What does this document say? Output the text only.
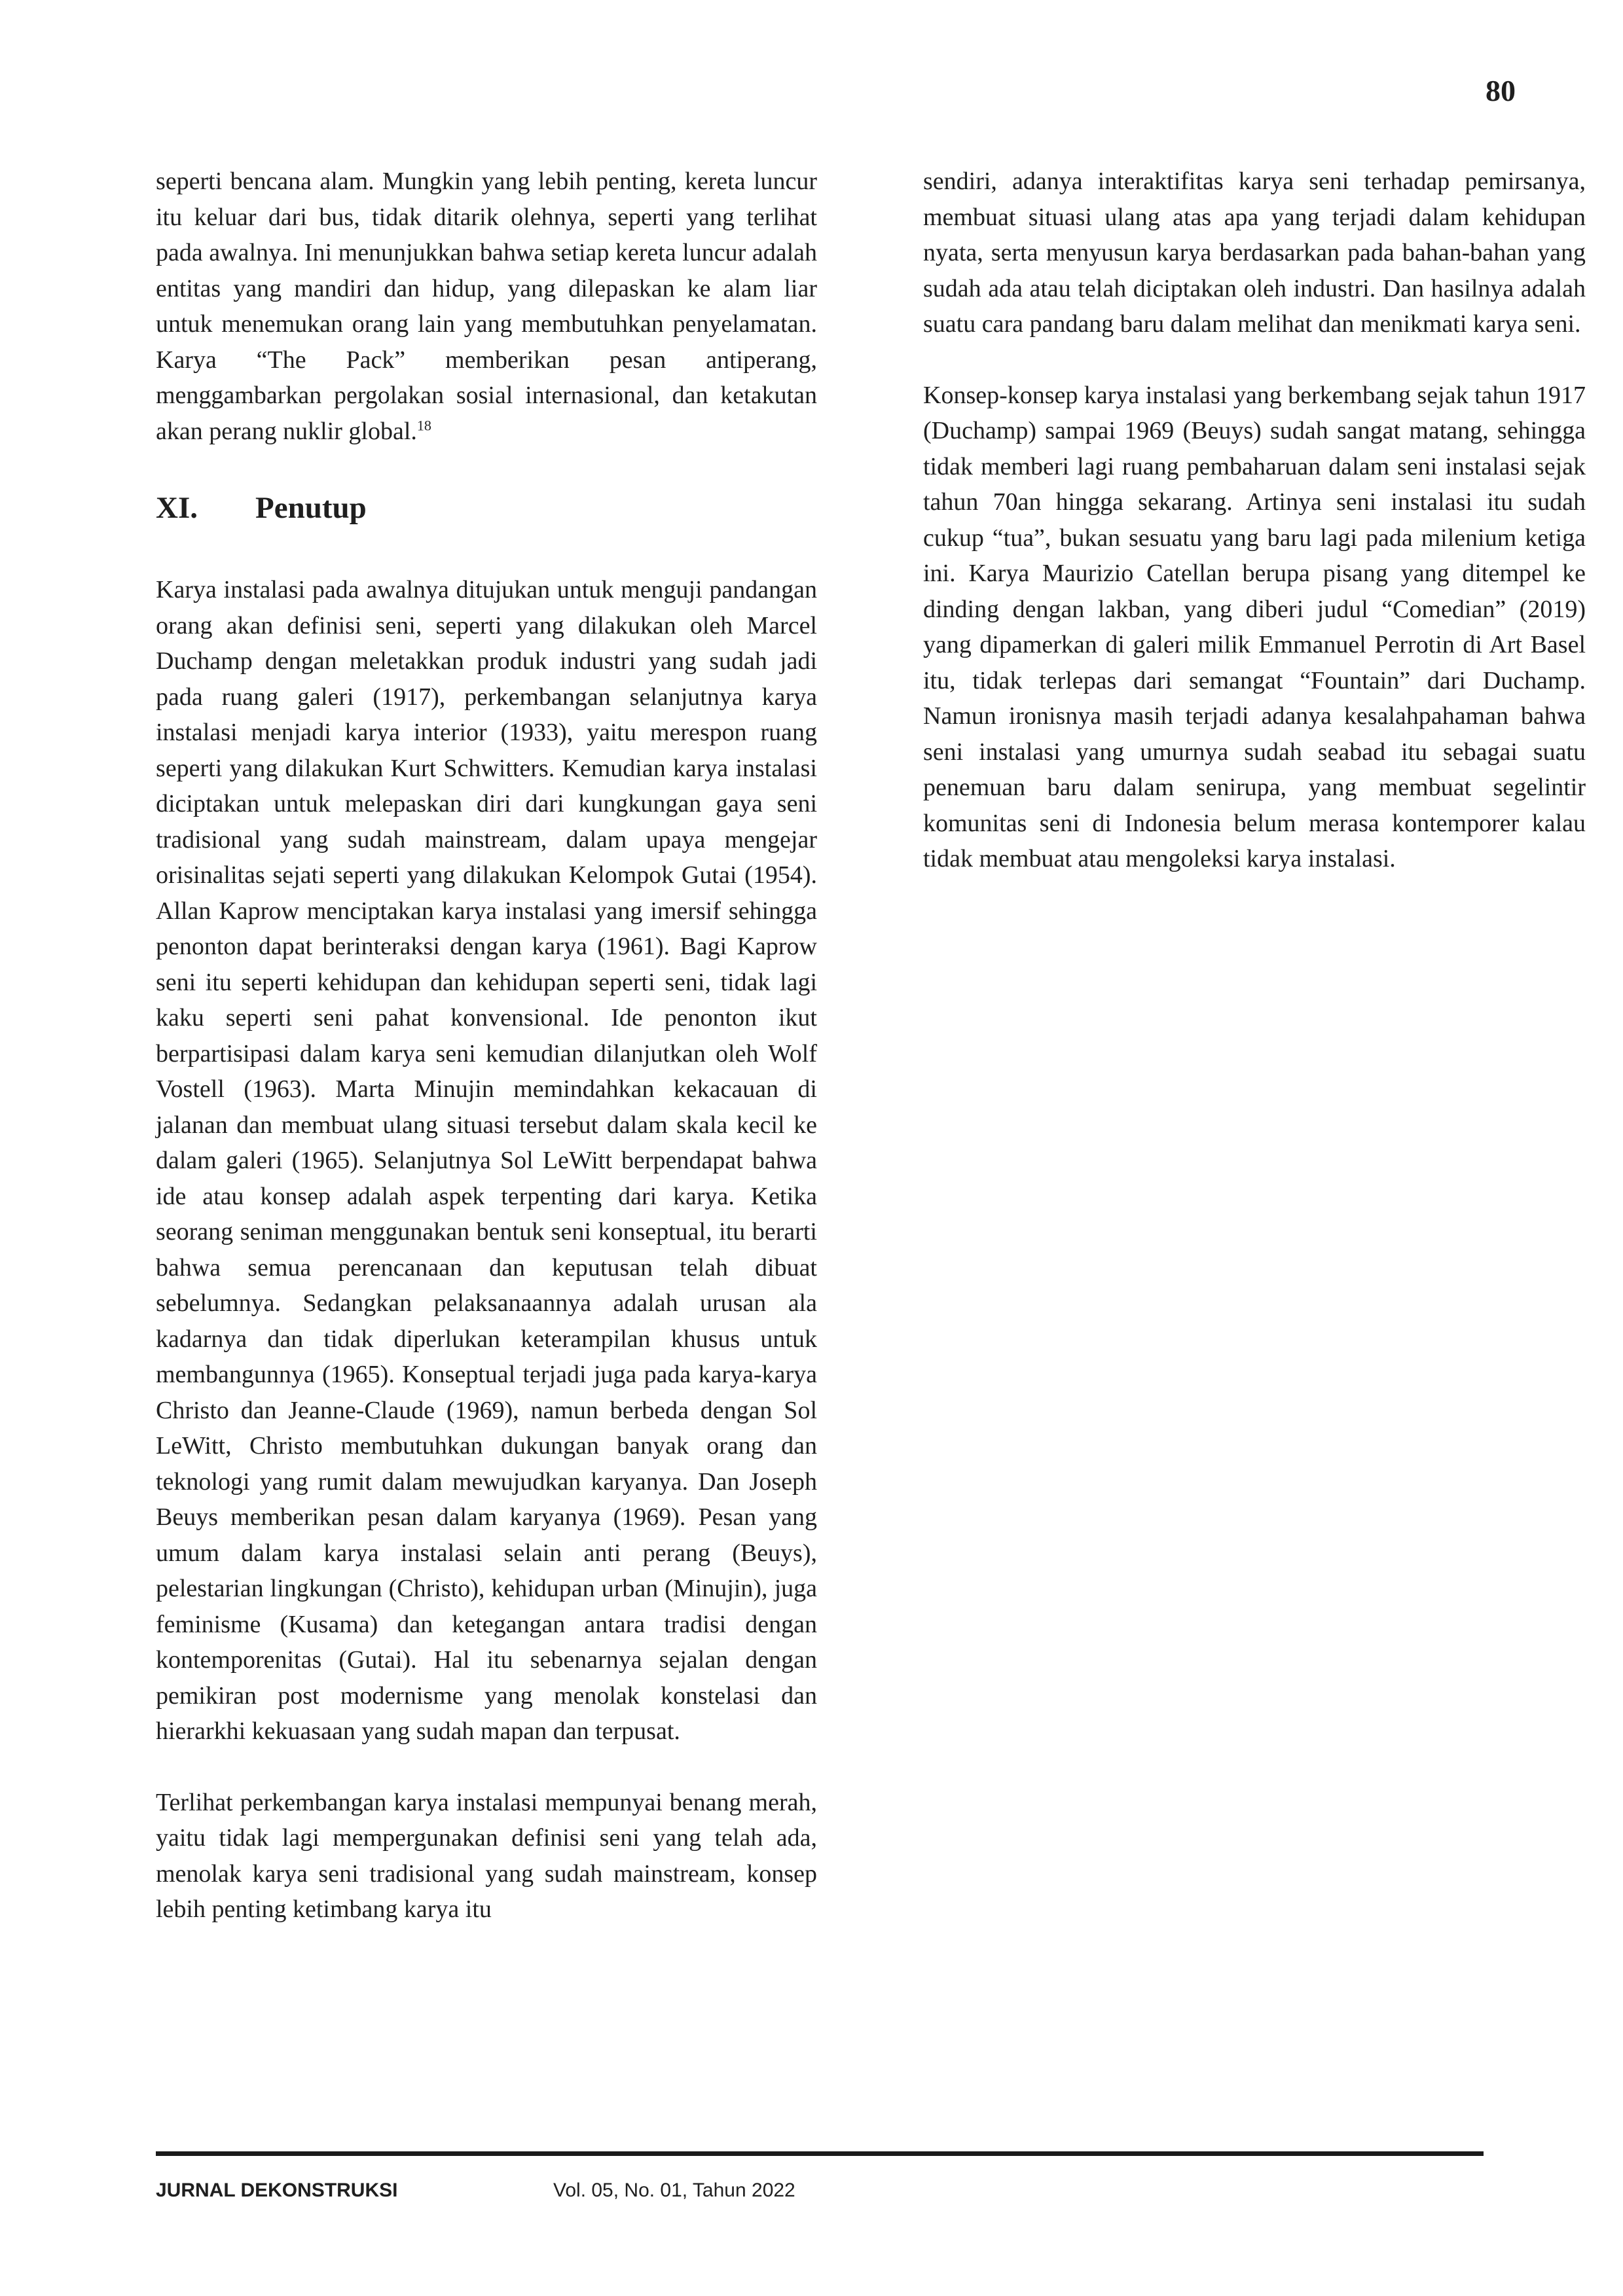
80

seperti bencana alam. Mungkin yang lebih penting, kereta luncur itu keluar dari bus, tidak ditarik olehnya, seperti yang terlihat pada awalnya. Ini menunjukkan bahwa setiap kereta luncur adalah entitas yang mandiri dan hidup, yang dilepaskan ke alam liar untuk menemukan orang lain yang membutuhkan penyelamatan. Karya “The Pack” memberikan pesan antiperang, menggambarkan pergolakan sosial internasional, dan ketakutan akan perang nuklir global.$^{18}$

XI.	Penutup

Karya instalasi pada awalnya ditujukan untuk menguji pandangan orang akan definisi seni, seperti yang dilakukan oleh Marcel Duchamp dengan meletakkan produk industri yang sudah jadi pada ruang galeri (1917), perkembangan selanjutnya karya instalasi menjadi karya interior (1933), yaitu merespon ruang seperti yang dilakukan Kurt Schwitters. Kemudian karya instalasi diciptakan untuk melepaskan diri dari kungkungan gaya seni tradisional yang sudah mainstream, dalam upaya mengejar orisinalitas sejati seperti yang dilakukan Kelompok Gutai (1954). Allan Kaprow menciptakan karya instalasi yang imersif sehingga penonton dapat berinteraksi dengan karya (1961). Bagi Kaprow seni itu seperti kehidupan dan kehidupan seperti seni, tidak lagi kaku seperti seni pahat konvensional. Ide penonton ikut berpartisipasi dalam karya seni kemudian dilanjutkan oleh Wolf Vostell (1963). Marta Minujin memindahkan kekacauan di jalanan dan membuat ulang situasi tersebut dalam skala kecil ke dalam galeri (1965). Selanjutnya Sol LeWitt berpendapat bahwa ide atau konsep adalah aspek terpenting dari karya. Ketika seorang seniman menggunakan bentuk seni konseptual, itu berarti bahwa semua perencanaan dan keputusan telah dibuat sebelumnya. Sedangkan pelaksanaannya adalah urusan ala kadarnya dan tidak diperlukan keterampilan khusus untuk membangunnya (1965). Konseptual terjadi juga pada karya-karya Christo dan Jeanne-Claude (1969), namun berbeda dengan Sol LeWitt, Christo membutuhkan dukungan banyak orang dan teknologi yang rumit dalam mewujudkan karyanya. Dan Joseph Beuys memberikan pesan dalam karyanya (1969). Pesan yang umum dalam karya instalasi selain anti perang (Beuys), pelestarian lingkungan (Christo), kehidupan urban (Minujin), juga feminisme (Kusama) dan ketegangan antara tradisi dengan kontemporenitas (Gutai). Hal itu sebenarnya sejalan dengan pemikiran post modernisme yang menolak konstelasi dan hierarkhi kekuasaan yang sudah mapan dan terpusat.

Terlihat perkembangan karya instalasi mempunyai benang merah, yaitu tidak lagi mempergunakan definisi seni yang telah ada, menolak karya seni tradisional yang sudah mainstream, konsep lebih penting ketimbang karya itu

sendiri, adanya interaktifitas karya seni terhadap pemirsanya, membuat situasi ulang atas apa yang terjadi dalam kehidupan nyata, serta menyusun karya berdasarkan pada bahan-bahan yang sudah ada atau telah diciptakan oleh industri. Dan hasilnya adalah suatu cara pandang baru dalam melihat dan menikmati karya seni.

Konsep-konsep karya instalasi yang berkembang sejak tahun 1917 (Duchamp) sampai 1969 (Beuys) sudah sangat matang, sehingga tidak memberi lagi ruang pembaharuan dalam seni instalasi sejak tahun 70an hingga sekarang. Artinya seni instalasi itu sudah cukup “tua”, bukan sesuatu yang baru lagi pada milenium ketiga ini. Karya Maurizio Catellan berupa pisang yang ditempel ke dinding dengan lakban, yang diberi judul “Comedian” (2019) yang dipamerkan di galeri milik Emmanuel Perrotin di Art Basel itu, tidak terlepas dari semangat “Fountain” dari Duchamp. Namun ironisnya masih terjadi adanya kesalahpahaman bahwa seni instalasi yang umurnya sudah seabad itu sebagai suatu penemuan baru dalam senirupa, yang membuat segelintir komunitas seni di Indonesia belum merasa kontemporer kalau tidak membuat atau mengoleksi karya instalasi.

JURNAL DEKONSTRUKSI	Vol. 05, No. 01, Tahun 2022
